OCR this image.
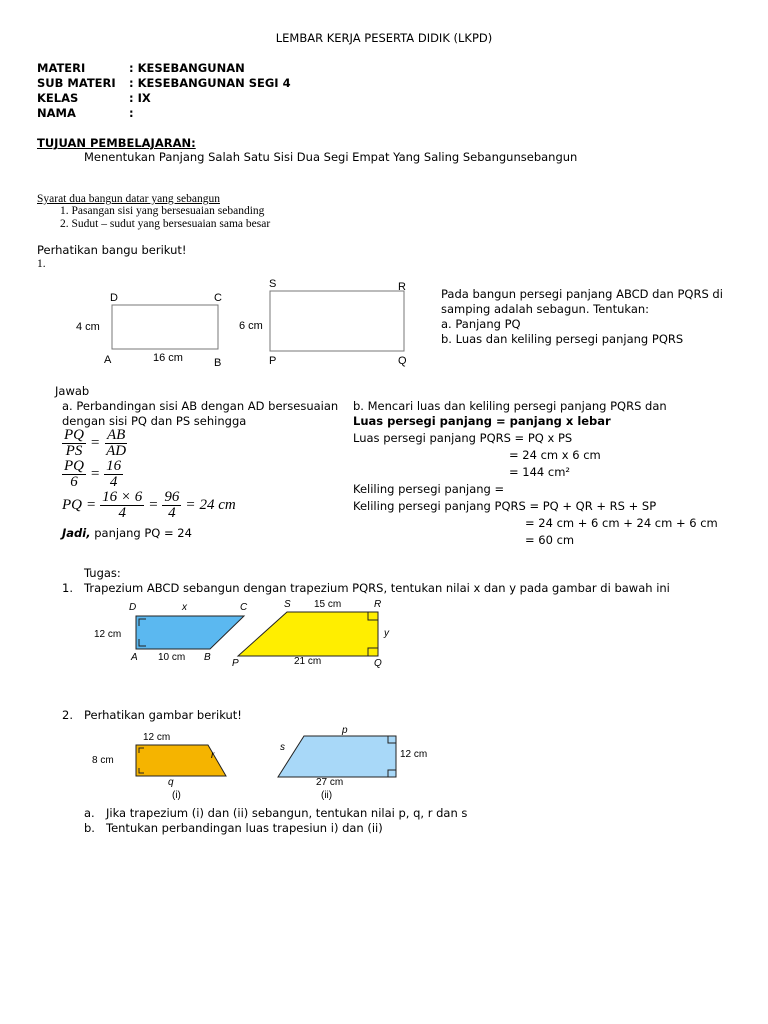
LEMBAR KERJA PESERTA DIDIK (LKPD)
MATERI	: KESEBANGUNAN
SUB MATERI : KESEBANGUNAN SEGI 4
KELAS	: IX
NAMA	:
TUJUAN PEMBELAJARAN:
Menentukan Panjang Salah Satu Sisi Dua Segi Empat Yang Saling Sebangunsebangun
Syarat dua bangun datar yang sebangun
1. Pasangan sisi yang bersesuaian sebanding
2. Sudut – sudut yang bersesuaian sama besar
Perhatikan bangu berikut!
1.
D	C
4 cm
A	16 cm	B
S	R
6 cm
P	Q
Pada bangun persegi panjang ABCD dan PQRS di
samping adalah sebagun. Tentukan:
a. Panjang PQ
b. Luas dan keliling persegi panjang PQRS
Jawab
a. Perbandingan sisi AB dengan AD bersesuaian
dengan sisi PQ dan PS sehingga
$\frac{PQ}{PS} = \frac{AB}{AD}$
$\frac{PQ}{6} = \frac{16}{4}$
PQ = $\frac{16 \times 6}{4} = \frac{96}{4} = 24$ cm
Jadi, panjang PQ = 24
b. Mencari luas dan keliling persegi panjang PQRS dan
Luas persegi panjang = panjang x lebar
Luas persegi panjang PQRS = PQ x PS
= 24 cm x 6 cm
= 144 cm²
Keliling persegi panjang =
Keliling persegi panjang PQRS = PQ + QR + RS + SP
= 24 cm + 6 cm + 24 cm + 6 cm
= 60 cm
Tugas:
1. Trapezium ABCD sebangun dengan trapezium PQRS, tentukan nilai x dan y pada gambar di bawah ini
D	x	C
12 cm
A 10 cm B
S 15 cm	R
y
P	21 cm	Q
2. Perhatikan gambar berikut!
12 cm
8 cm	r
q
(i)
p
s
12 cm
27 cm
(ii)
a. Jika trapezium (i) dan (ii) sebangun, tentukan nilai p, q, r dan s
b. Tentukan perbandingan luas trapesiun i) dan (ii)
